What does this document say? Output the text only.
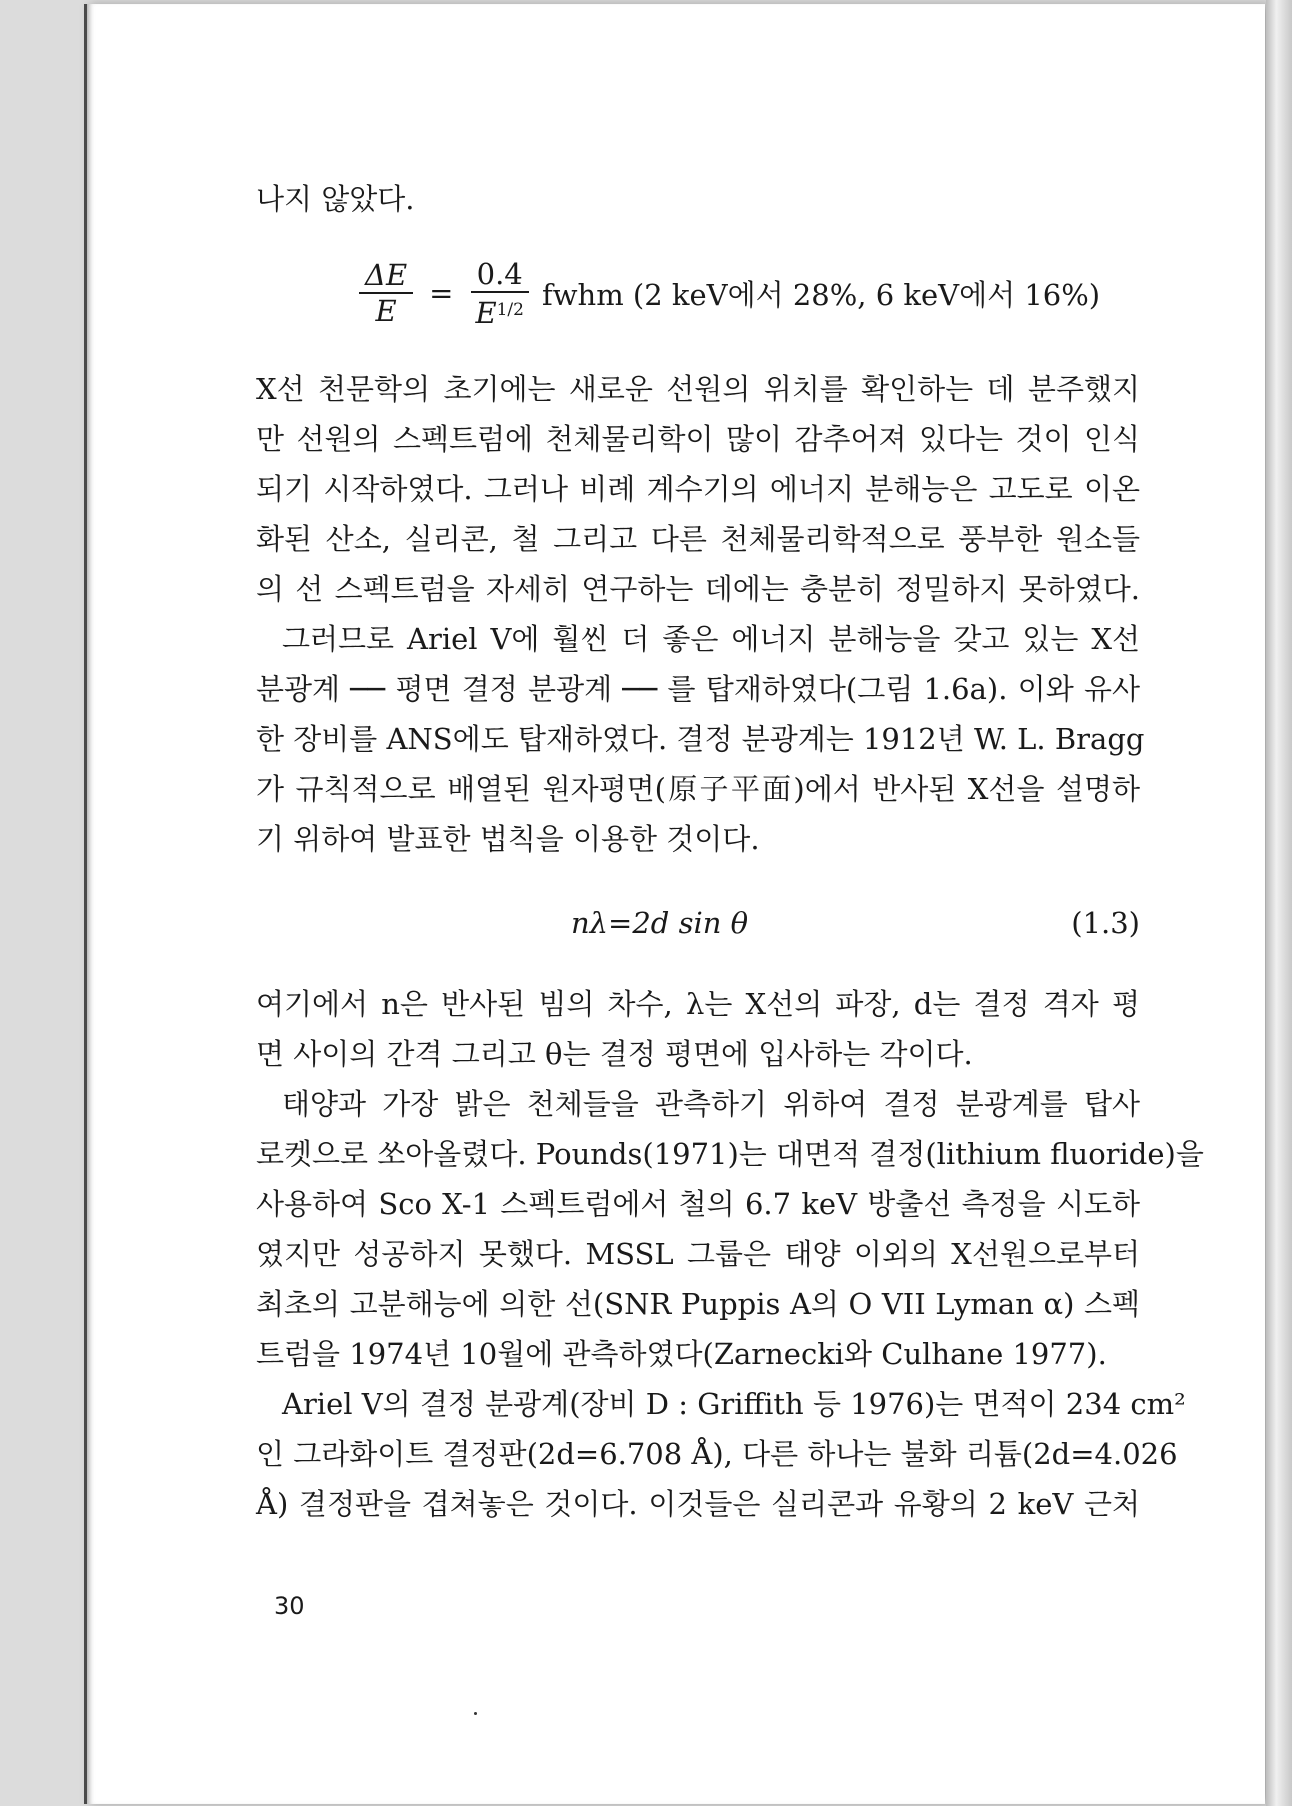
나지 않았다.
$\frac{\Delta E}{E} = \frac{0.4}{E^{1/2}}$ fwhm (2 keV에서 28%, 6 keV에서 16%)
X선 천문학의 초기에는 새로운 선원의 위치를 확인하는 데 분주했지
만 선원의 스펙트럼에 천체물리학이 많이 감추어져 있다는 것이 인식
되기 시작하였다. 그러나 비례 계수기의 에너지 분해능은 고도로 이온
화된 산소, 실리콘, 철 그리고 다른 천체물리학적으로 풍부한 원소들
의 선 스펙트럼을 자세히 연구하는 데에는 충분히 정밀하지 못하였다.
그러므로 Ariel V에 훨씬 더 좋은 에너지 분해능을 갖고 있는 X선
분광계 ── 평면 결정 분광계 ── 를 탑재하였다(그림 1.6a). 이와 유사
한 장비를 ANS에도 탑재하였다. 결정 분광계는 1912년 W. L. Bragg
가 규칙적으로 배열된 원자평면(原子平面)에서 반사된 X선을 설명하
기 위하여 발표한 법칙을 이용한 것이다.
nλ=2d sin θ	(1.3)
여기에서 n은 반사된 빔의 차수, λ는 X선의 파장, d는 결정 격자 평
면 사이의 간격 그리고 θ는 결정 평면에 입사하는 각이다.
태양과 가장 밝은 천체들을 관측하기 위하여 결정 분광계를 탑사
로켓으로 쏘아올렸다. Pounds(1971)는 대면적 결정(lithium fluoride)을
사용하여 Sco X-1 스펙트럼에서 철의 6.7 keV 방출선 측정을 시도하
였지만 성공하지 못했다. MSSL 그룹은 태양 이외의 X선원으로부터
최초의 고분해능에 의한 선(SNR Puppis A의 O VII Lyman α) 스펙
트럼을 1974년 10월에 관측하였다(Zarnecki와 Culhane 1977).
Ariel V의 결정 분광계(장비 D : Griffith 등 1976)는 면적이 234 cm²
인 그라화이트 결정판(2d=6.708 Å), 다른 하나는 불화 리튬(2d=4.026
Å) 결정판을 겹쳐놓은 것이다. 이것들은 실리콘과 유황의 2 keV 근처
30
